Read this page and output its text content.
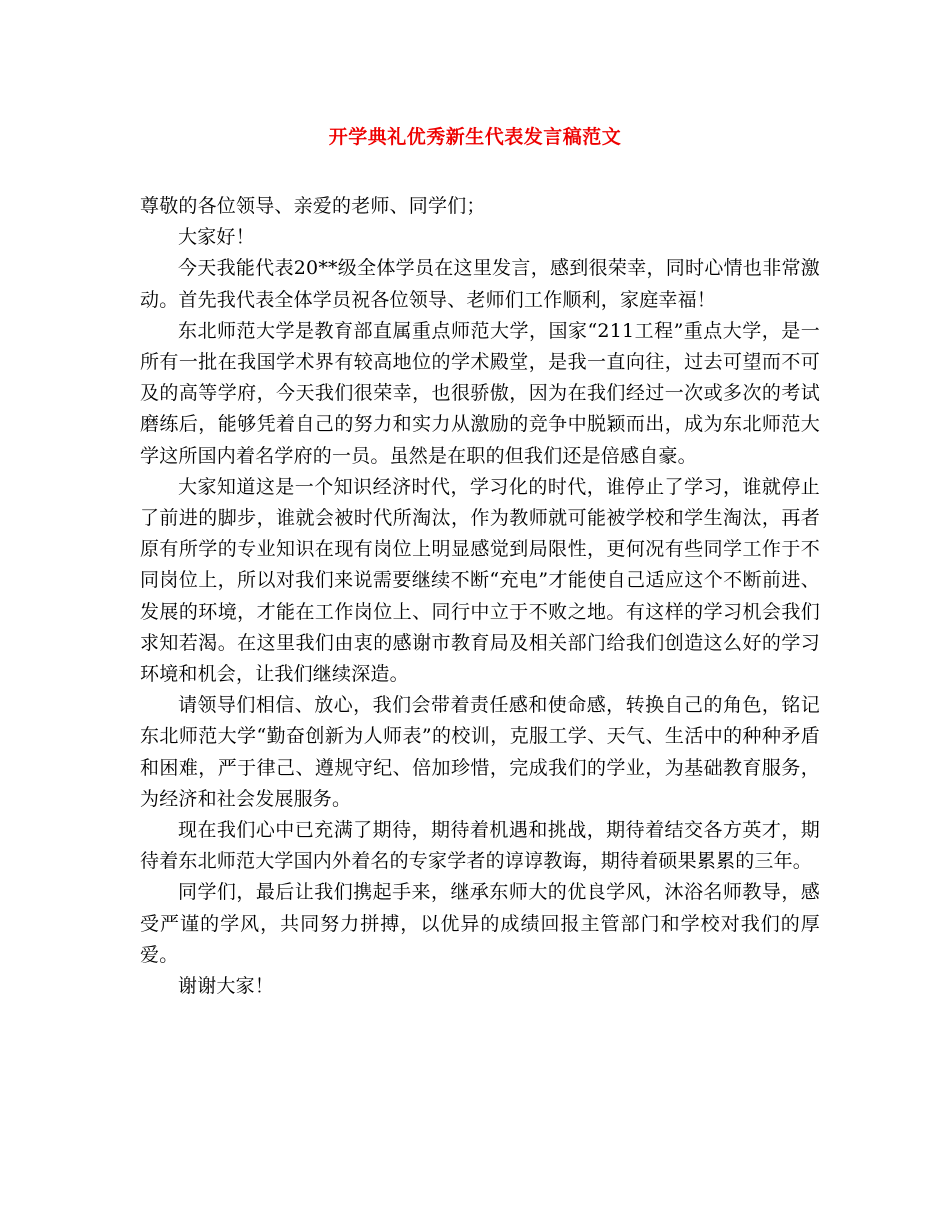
开学典礼优秀新生代表发言稿范文

尊敬的各位领导、亲爱的老师、同学们；

大家好！

今天我能代表20**级全体学员在这里发言，感到很荣幸，同时心情也非常激动。首先我代表全体学员祝各位领导、老师们工作顺利，家庭幸福！

东北师范大学是教育部直属重点师范大学，国家“211工程”重点大学，是一所有一批在我国学术界有较高地位的学术殿堂，是我一直向往，过去可望而不可及的高等学府，今天我们很荣幸，也很骄傲，因为在我们经过一次或多次的考试磨练后，能够凭着自己的努力和实力从激励的竞争中脱颖而出，成为东北师范大学这所国内着名学府的一员。虽然是在职的但我们还是倍感自豪。

大家知道这是一个知识经济时代，学习化的时代，谁停止了学习，谁就停止了前进的脚步，谁就会被时代所淘汰，作为教师就可能被学校和学生淘汰，再者原有所学的专业知识在现有岗位上明显感觉到局限性，更何况有些同学工作于不同岗位上，所以对我们来说需要继续不断“充电”才能使自己适应这个不断前进、发展的环境，才能在工作岗位上、同行中立于不败之地。有这样的学习机会我们求知若渴。在这里我们由衷的感谢市教育局及相关部门给我们创造这么好的学习环境和机会，让我们继续深造。

请领导们相信、放心，我们会带着责任感和使命感，转换自己的角色，铭记东北师范大学“勤奋创新为人师表”的校训，克服工学、天气、生活中的种种矛盾和困难，严于律己、遵规守纪、倍加珍惜，完成我们的学业，为基础教育服务，为经济和社会发展服务。

现在我们心中已充满了期待，期待着机遇和挑战，期待着结交各方英才，期待着东北师范大学国内外着名的专家学者的谆谆教诲，期待着硕果累累的三年。

同学们，最后让我们携起手来，继承东师大的优良学风，沐浴名师教导，感受严谨的学风，共同努力拼搏，以优异的成绩回报主管部门和学校对我们的厚爱。

谢谢大家！
